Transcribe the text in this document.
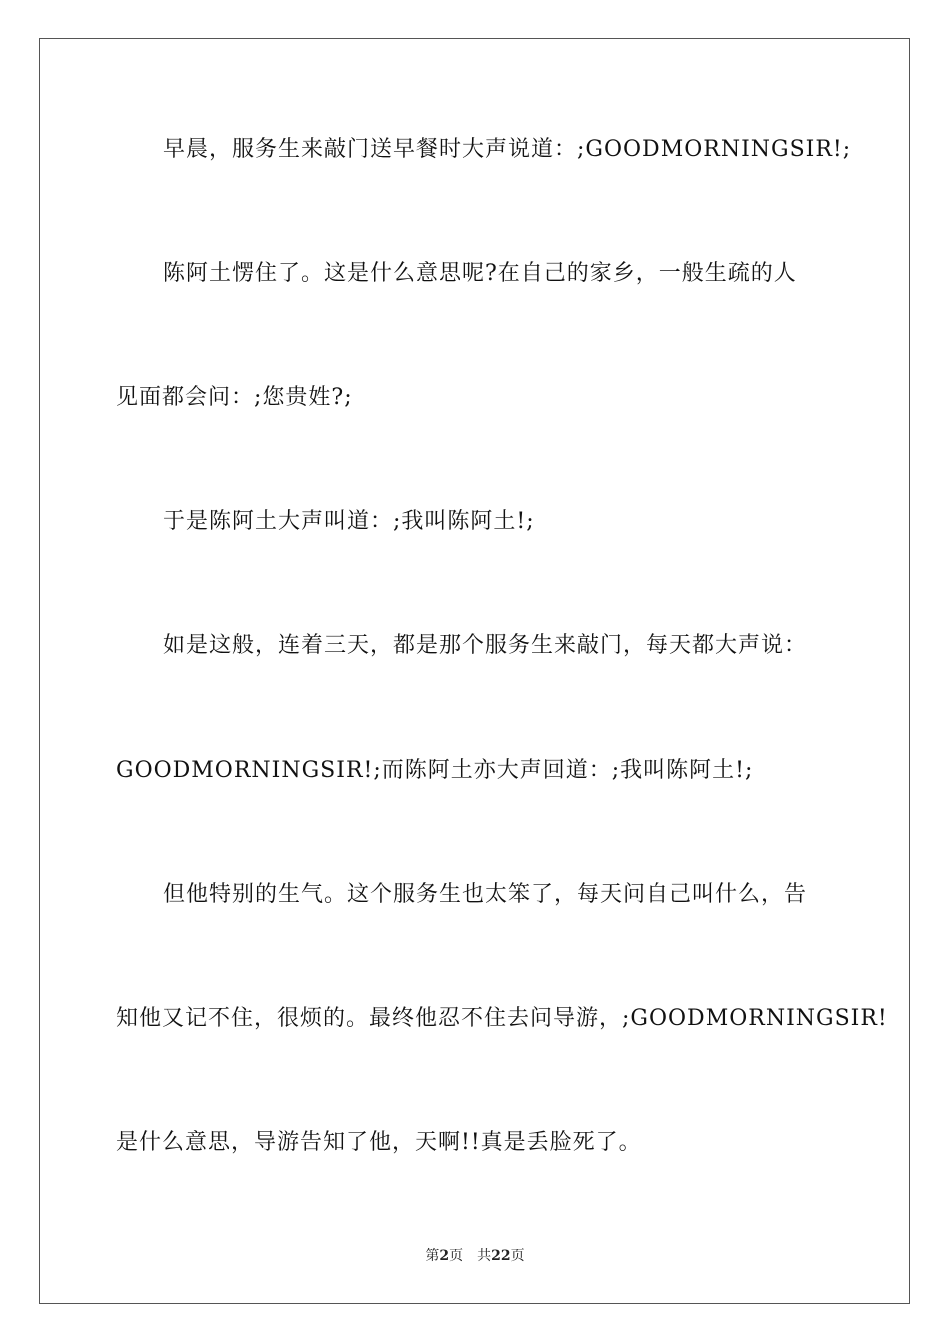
早晨，服务生来敲门送早餐时大声说道：;GOODMORNINGSIR!;
陈阿土愣住了。这是什么意思呢?在自己的家乡，一般生疏的人
见面都会问：;您贵姓?;
于是陈阿土大声叫道：;我叫陈阿土!;
如是这般，连着三天，都是那个服务生来敲门，每天都大声说：
GOODMORNINGSIR!;而陈阿土亦大声回道：;我叫陈阿土!;
但他特别的生气。这个服务生也太笨了，每天问自己叫什么，告
知他又记不住，很烦的。最终他忍不住去问导游，;GOODMORNINGSIR!
是什么意思，导游告知了他，天啊!!真是丢脸死了。
第2页 共22页
